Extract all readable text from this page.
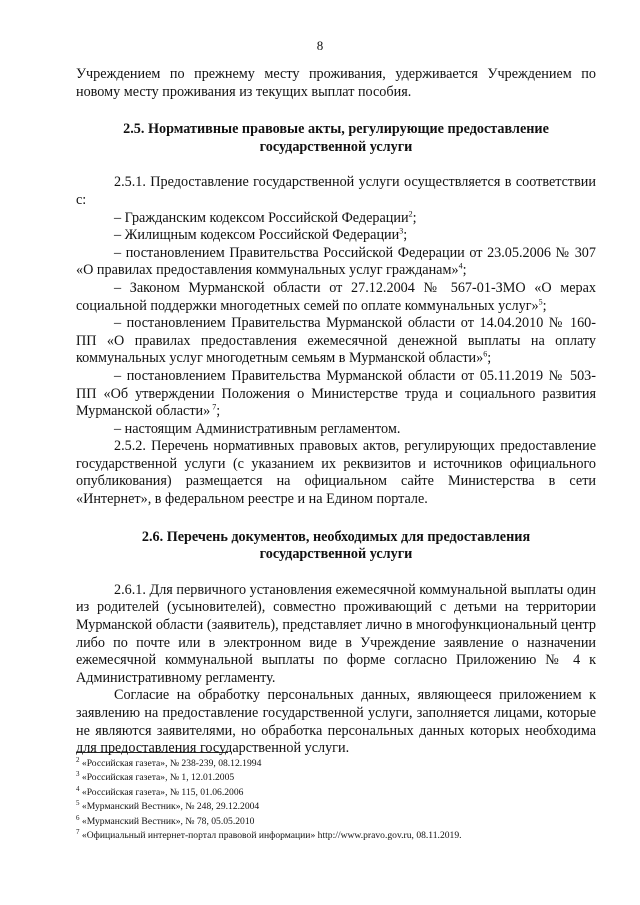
8

Учреждением по прежнему месту проживания, удерживается Учреждением по новому месту проживания из текущих выплат пособия.

2.5. Нормативные правовые акты, регулирующие предоставление
государственной услуги

2.5.1. Предоставление государственной услуги осуществляется в соответствии с:

– Гражданским кодексом Российской Федерации$^2$;

– Жилищным кодексом Российской Федерации$^3$;

– постановлением Правительства Российской Федерации от 23.05.2006 № 307 «О правилах предоставления коммунальных услуг гражданам»$^4$;

– Законом Мурманской области от 27.12.2004 № 567-01-ЗМО «О мерах социальной поддержки многодетных семей по оплате коммунальных услуг»$^5$;

– постановлением Правительства Мурманской области от 14.04.2010 № 160-ПП «О правилах предоставления ежемесячной денежной выплаты на оплату коммунальных услуг многодетным семьям в Мурманской области»$^6$;

– постановлением Правительства Мурманской области от 05.11.2019 № 503-ПП «Об утверждении Положения о Министерстве труда и социального развития Мурманской области» $^7$;

– настоящим Административным регламентом.

2.5.2. Перечень нормативных правовых актов, регулирующих предоставление государственной услуги (с указанием их реквизитов и источников официального опубликования) размещается на официальном сайте Министерства в сети «Интернет», в федеральном реестре и на Едином портале.

2.6. Перечень документов, необходимых для предоставления
государственной услуги

2.6.1. Для первичного установления ежемесячной коммунальной выплаты один из родителей (усыновителей), совместно проживающий с детьми на территории Мурманской области (заявитель), представляет лично в многофункциональный центр либо по почте или в электронном виде в Учреждение заявление о назначении ежемесячной коммунальной выплаты по форме согласно Приложению № 4 к Административному регламенту.

Согласие на обработку персональных данных, являющееся приложением к заявлению на предоставление государственной услуги, заполняется лицами, которые не являются заявителями, но обработка персональных данных которых необходима для предоставления государственной услуги.

$^2$ «Российская газета», № 238-239, 08.12.1994

$^3$ «Российская газета», № 1, 12.01.2005

$^4$ «Российская газета», № 115, 01.06.2006

$^5$ «Мурманский Вестник», № 248, 29.12.2004

$^6$ «Мурманский Вестник», № 78, 05.05.2010

$^7$ «Официальный интернет-портал правовой информации» http://www.pravo.gov.ru, 08.11.2019.
